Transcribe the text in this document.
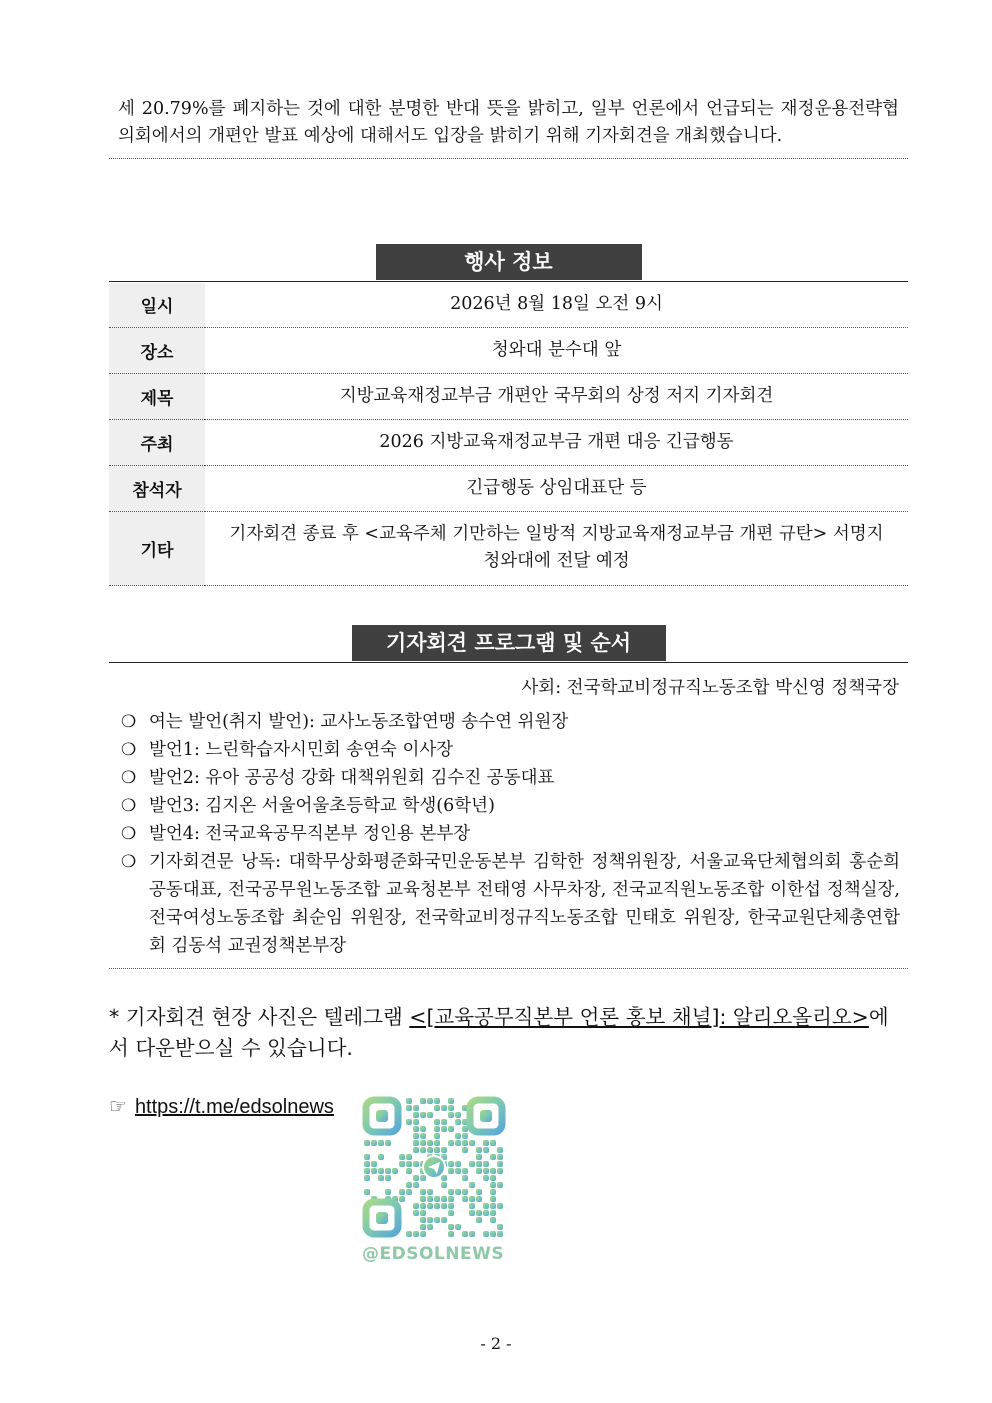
세 20.79%를 폐지하는 것에 대한 분명한 반대 뜻을 밝히고, 일부 언론에서 언급되는 재정운용전략협의회에서의 개편안 발표 예상에 대해서도 입장을 밝히기 위해 기자회견을 개최했습니다.
행사 정보
일시	2026년 8월 18일 오전 9시
장소	청와대 분수대 앞
제목	지방교육재정교부금 개편안 국무회의 상정 저지 기자회견
주최	2026 지방교육재정교부금 개편 대응 긴급행동
참석자	긴급행동 상임대표단 등
기타	기자회견 종료 후 <교육주체 기만하는 일방적 지방교육재정교부금 개편 규탄> 서명지 청와대에 전달 예정
기자회견 프로그램 및 순서
사회: 전국학교비정규직노동조합 박신영 정책국장
❍ 여는 발언(취지 발언): 교사노동조합연맹 송수연 위원장
❍ 발언1: 느린학습자시민회 송연숙 이사장
❍ 발언2: 유아 공공성 강화 대책위원회 김수진 공동대표
❍ 발언3: 김지온 서울어울초등학교 학생(6학년)
❍ 발언4: 전국교육공무직본부 정인용 본부장
❍ 기자회견문 낭독: 대학무상화평준화국민운동본부 김학한 정책위원장, 서울교육단체협의회 홍순희 공동대표, 전국공무원노동조합 교육청본부 전태영 사무차장, 전국교직원노동조합 이한섭 정책실장, 전국여성노동조합 최순임 위원장, 전국학교비정규직노동조합 민태호 위원장, 한국교원단체총연합회 김동석 교권정책본부장
* 기자회견 현장 사진은 텔레그램 <[교육공무직본부 언론 홍보 채널]: 알리오올리오>에서 다운받으실 수 있습니다.
☞ https://t.me/edsolnews
@EDSOLNEWS
- 2 -
